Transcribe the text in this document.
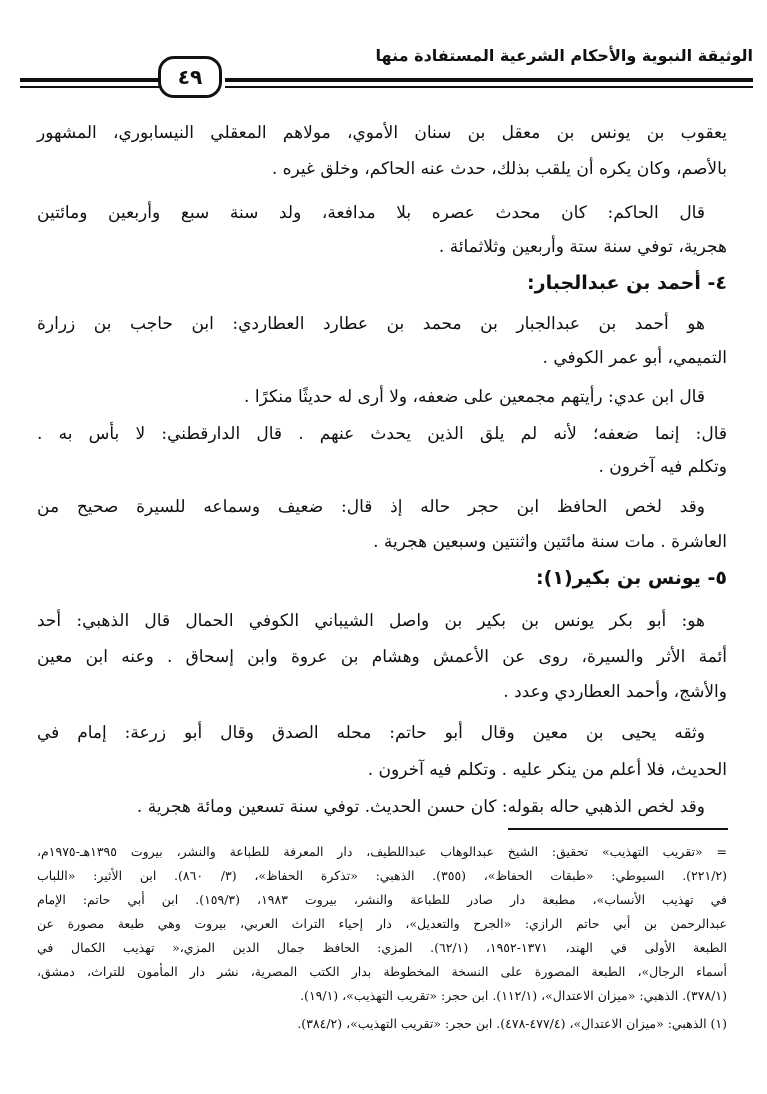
الوثيقة النبوية والأحكام الشرعية المستفادة منها
٤٩
يعقوب بن يونس بن معقل بن سنان الأموي، مولاهم المعقلي النيسابوري، المشهور
بالأصم، وكان يكره أن يلقب بذلك، حدث عنه الحاكم، وخلق غيره .
قال الحاكم: كان محدث عصره بلا مدافعة، ولد سنة سبع وأربعين ومائتين
هجرية، توفي سنة ستة وأربعين وثلاثمائة .
٤- أحمد بن عبدالجبار:
هو أحمد بن عبدالجبار بن محمد بن عطارد العطاردي: ابن حاجب بن زرارة
التميمي، أبو عمر الكوفي .
قال ابن عدي: رأيتهم مجمعين على ضعفه، ولا أرى له حديثًا منكرًا .
قال: إنما ضعفه؛ لأنه لم يلق الذين يحدث عنهم . قال الدارقطني: لا بأس به .
وتكلم فيه آخرون .
وقد لخص الحافظ ابن حجر حاله إذ قال: ضعيف وسماعه للسيرة صحيح من
العاشرة . مات سنة مائتين واثنتين وسبعين هجرية .
٥- يونس بن بكير(١):
هو: أبو بكر يونس بن بكير بن واصل الشيباني الكوفي الحمال قال الذهبي: أحد
أئمة الأثر والسيرة، روى عن الأعمش وهشام بن عروة وابن إسحاق . وعنه ابن معين
والأشج، وأحمد العطاردي وعدد .
وثقه يحيى بن معين وقال أبو حاتم: محله الصدق وقال أبو زرعة: إمام في
الحديث، فلا أعلم من ينكر عليه . وتكلم فيه آخرون .
وقد لخص الذهبي حاله بقوله: كان حسن الحديث. توفي سنة تسعين ومائة هجرية .
= «تقريب التهذيب» تحقيق: الشيخ عبدالوهاب عبداللطيف، دار المعرفة للطباعة والنشر، بيروت ١٣٩٥هـ-١٩٧٥م،
(٢٢١/٢). السيوطي: «طبقات الحفاظ»، (٣٥٥). الذهبي: «تذكرة الحفاظ»، (٣/ ٨٦٠). ابن الأثير: «اللباب
في تهذيب الأنساب»، مطبعة دار صادر للطباعة والنشر، بيروت ١٩٨٣، (١٥٩/٣). ابن أبي حاتم: الإمام
عبدالرحمن بن أبي حاتم الرازي: «الجرح والتعديل»، دار إحياء التراث العربي، بيروت وهي طبعة مصورة عن
الطبعة الأولى في الهند، ١٣٧١-١٩٥٢، (٦٢/١). المزي: الحافظ جمال الدين المزي،« تهذيب الكمال في
أسماء الرجال»، الطبعة المصورة على النسخة المخطوطة بدار الكتب المصرية، نشر دار المأمون للتراث، دمشق،
(٣٧٨/١). الذهبي: «ميزان الاعتدال»، (١١٢/١). ابن حجر: «تقريب التهذيب»، (١٩/١).
(١) الذهبي: «ميزان الاعتدال»، (٤٧٧/٤-٤٧٨). ابن حجر: «تقريب التهذيب»، (٣٨٤/٢).
